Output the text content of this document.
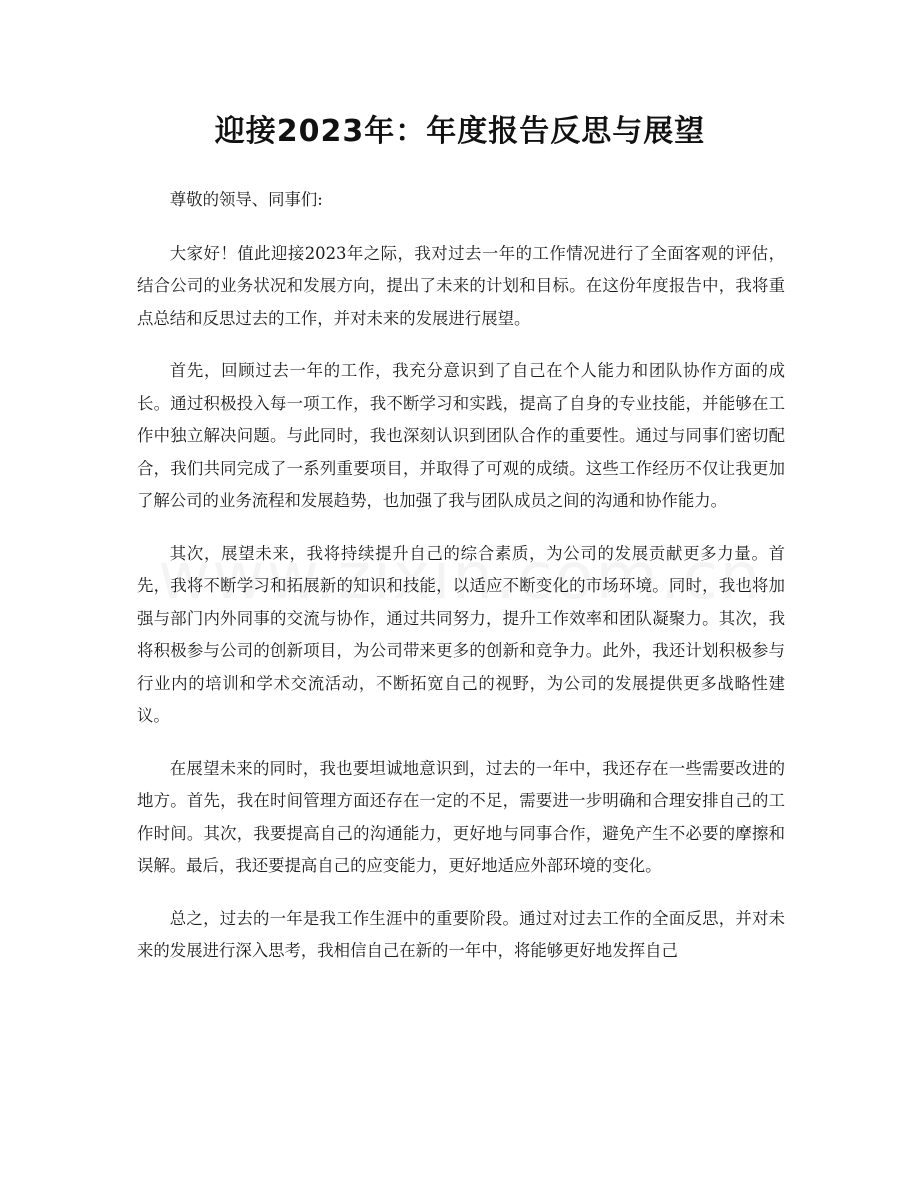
迎接2023年：年度报告反思与展望

尊敬的领导、同事们:

大家好！值此迎接2023年之际，我对过去一年的工作情况进行了全面客观的评估，结合公司的业务状况和发展方向，提出了未来的计划和目标。在这份年度报告中，我将重点总结和反思过去的工作，并对未来的发展进行展望。

首先，回顾过去一年的工作，我充分意识到了自己在个人能力和团队协作方面的成长。通过积极投入每一项工作，我不断学习和实践，提高了自身的专业技能，并能够在工作中独立解决问题。与此同时，我也深刻认识到团队合作的重要性。通过与同事们密切配合，我们共同完成了一系列重要项目，并取得了可观的成绩。这些工作经历不仅让我更加了解公司的业务流程和发展趋势，也加强了我与团队成员之间的沟通和协作能力。

其次，展望未来，我将持续提升自己的综合素质，为公司的发展贡献更多力量。首先，我将不断学习和拓展新的知识和技能，以适应不断变化的市场环境。同时，我也将加强与部门内外同事的交流与协作，通过共同努力，提升工作效率和团队凝聚力。其次，我将积极参与公司的创新项目，为公司带来更多的创新和竞争力。此外，我还计划积极参与行业内的培训和学术交流活动，不断拓宽自己的视野，为公司的发展提供更多战略性建议。

在展望未来的同时，我也要坦诚地意识到，过去的一年中，我还存在一些需要改进的地方。首先，我在时间管理方面还存在一定的不足，需要进一步明确和合理安排自己的工作时间。其次，我要提高自己的沟通能力，更好地与同事合作，避免产生不必要的摩擦和误解。最后，我还要提高自己的应变能力，更好地适应外部环境的变化。

总之，过去的一年是我工作生涯中的重要阶段。通过对过去工作的全面反思，并对未来的发展进行深入思考，我相信自己在新的一年中，将能够更好地发挥自己
